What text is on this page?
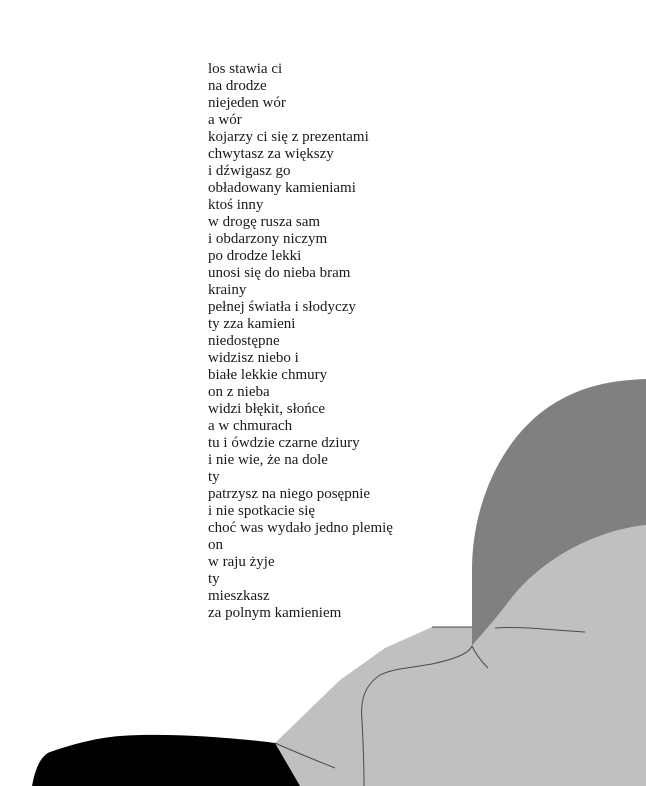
los stawia ci
na drodze
niejeden wór
a wór
kojarzy ci się z prezentami
chwytasz za większy
i dźwigasz go
obładowany kamieniami
ktoś inny
w drogę rusza sam
i obdarzony niczym
po drodze lekki
unosi się do nieba bram
krainy
pełnej światła i słodyczy
ty zza kamieni
niedostępne
widzisz niebo i
białe lekkie chmury
on z nieba
widzi błękit, słońce
a w chmurach
tu i ówdzie czarne dziury
i nie wie, że na dole
ty
patrzysz na niego posępnie
i nie spotkacie się
choć was wydało jedno plemię
on
w raju żyje
ty
mieszkasz
za polnym kamieniem
